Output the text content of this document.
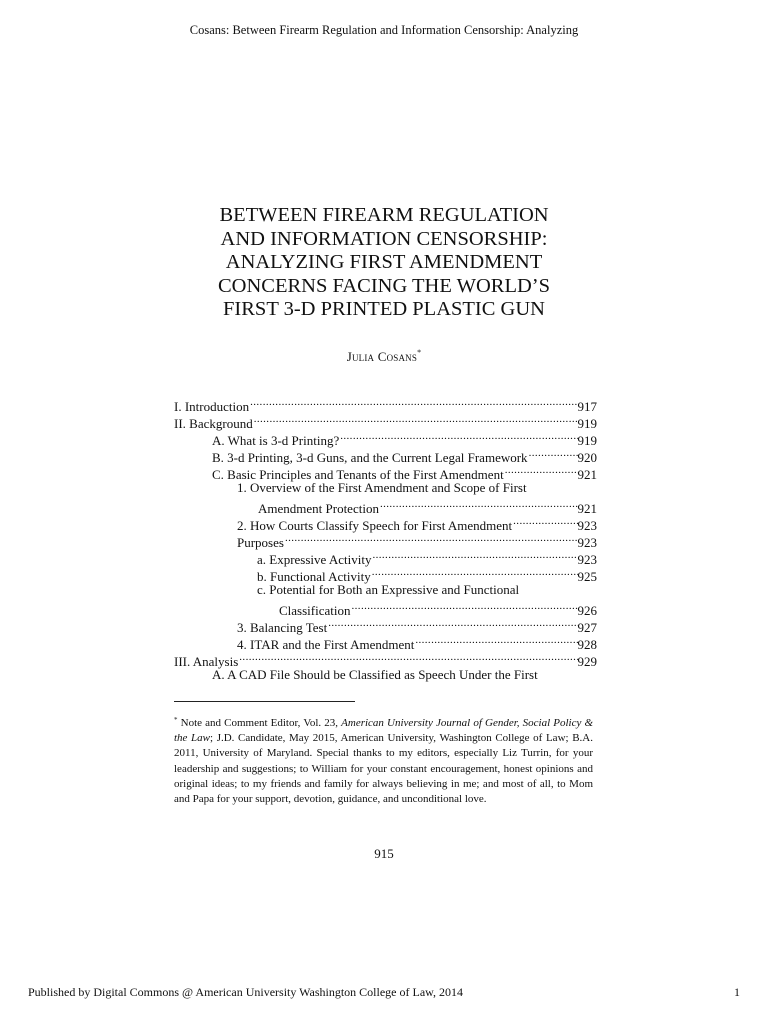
Cosans: Between Firearm Regulation and Information Censorship: Analyzing
BETWEEN FIREARM REGULATION
AND INFORMATION CENSORSHIP:
ANALYZING FIRST AMENDMENT
CONCERNS FACING THE WORLD’S
FIRST 3-D PRINTED PLASTIC GUN
Julia Cosans*
I. Introduction .....	917
II. Background .....	919
A. What is 3-d Printing? .....	919
B. 3-d Printing, 3-d Guns, and the Current Legal Framework .....	920
C. Basic Principles and Tenants of the First Amendment .....	921
1. Overview of the First Amendment and Scope of First
Amendment Protection .....	921
2. How Courts Classify Speech for First Amendment .....	923
Purposes .....	923
a. Expressive Activity .....	923
b. Functional Activity .....	925
c. Potential for Both an Expressive and Functional
Classification .....	926
3. Balancing Test .....	927
4. ITAR and the First Amendment .....	928
III. Analysis .....	929
A. A CAD File Should be Classified as Speech Under the First
* Note and Comment Editor, Vol. 23, American University Journal of Gender, Social Policy & the Law; J.D. Candidate, May 2015, American University, Washington College of Law; B.A. 2011, University of Maryland. Special thanks to my editors, especially Liz Turrin, for your leadership and suggestions; to William for your constant encouragement, honest opinions and original ideas; to my friends and family for always believing in me; and most of all, to Mom and Papa for your support, devotion, guidance, and unconditional love.
915
Published by Digital Commons @ American University Washington College of Law, 2014	1
